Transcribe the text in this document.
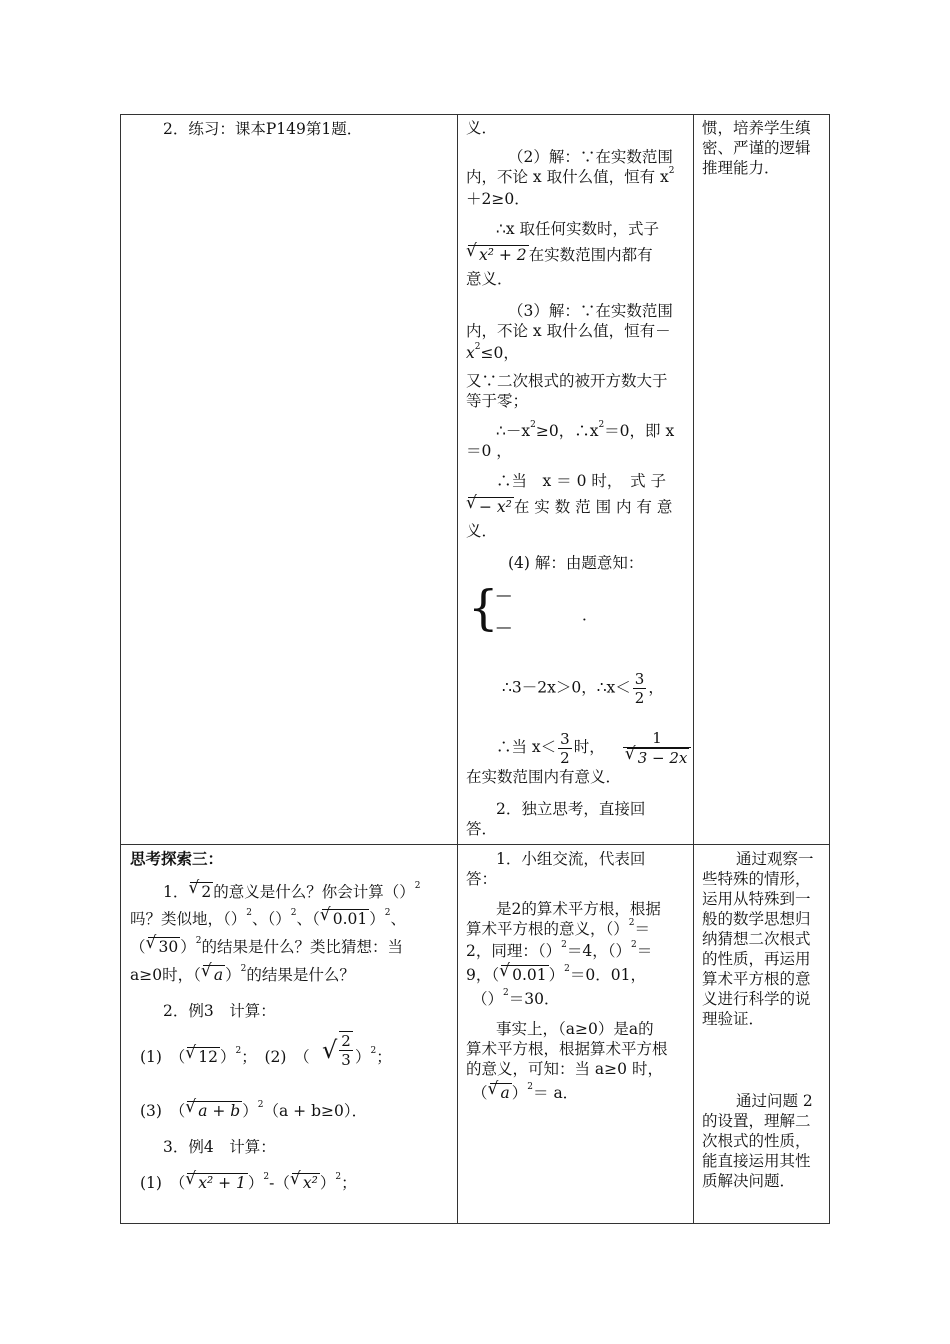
2．练习：课本P149第1题．
思考探索三：
1． √ 2 的意义是什么？你会计算（）$^2$
吗？类似地，（）$^2$、（）$^2$、（ √ 0.01 ）$^2$、
（ √ 30 ）$^2$的结果是什么？类比猜想：当
a≥0时，（ √ a ）$^2$的结果是什么？
2．例3　计算：
(1)　（ √ 12 ）$^2$；　(2)　（ √ $\frac{2}{3} )^2$；
(3)　（ √ a + b ）$^2$（a + b≥0）．
3．例4　计算：
(1)　（ √ x² + 1 ）$^2$-（ √ x² ）$^2$；
义．
（2）解：∵在实数范围
内，不论 x 取什么值，恒有 $x^2$
＋2≥0．
∴x 取任何实数时，式子
√ x² + 2 在实数范围内都有
意义．
（3）解：∵在实数范围
内，不论 x 取什么值，恒有－
$x^2\le 0$，
又∵二次根式的被开方数大于
等于零；
$\therefore-x^2\ge 0$，$\therefore x^2=0$，即 x
＝0 ，
∴当　x ＝ 0 时，　式 子
√ − x² 在 实 数 范 围 内 有 意
义．
(4) 解：由题意知：
{
—
—
．
∴3－2x＞0，∴x＜ $\frac{3}{2}$ ，
∴当 $x< \frac{3}{2}$ 时， 1
√ 3 − 2x
在实数范围内有意义．
2．独立思考，直接回
答．
1．小组交流，代表回
答：
是2的算术平方根，根据
算术平方根的意义，（）$^2$＝
2，同理：（）$^2$＝4，（）$^2$＝
9，（ √ 0.01 ）$^2$＝0．01，
（）$^2$＝30．
事实上，（a≥0）是a的
算术平方根，根据算术平方根
的意义，可知：当 a≥0 时，
（ √ a ）$^2$＝ a．
惯，培养学生缜
密、严谨的逻辑
推理能力．
通过观察一
些特殊的情形，
运用从特殊到一
般的数学思想归
纳猜想二次根式
的性质，再运用
算术平方根的意
义进行科学的说
理验证．
通过问题 2
的设置，理解二
次根式的性质，
能直接运用其性
质解决问题．
